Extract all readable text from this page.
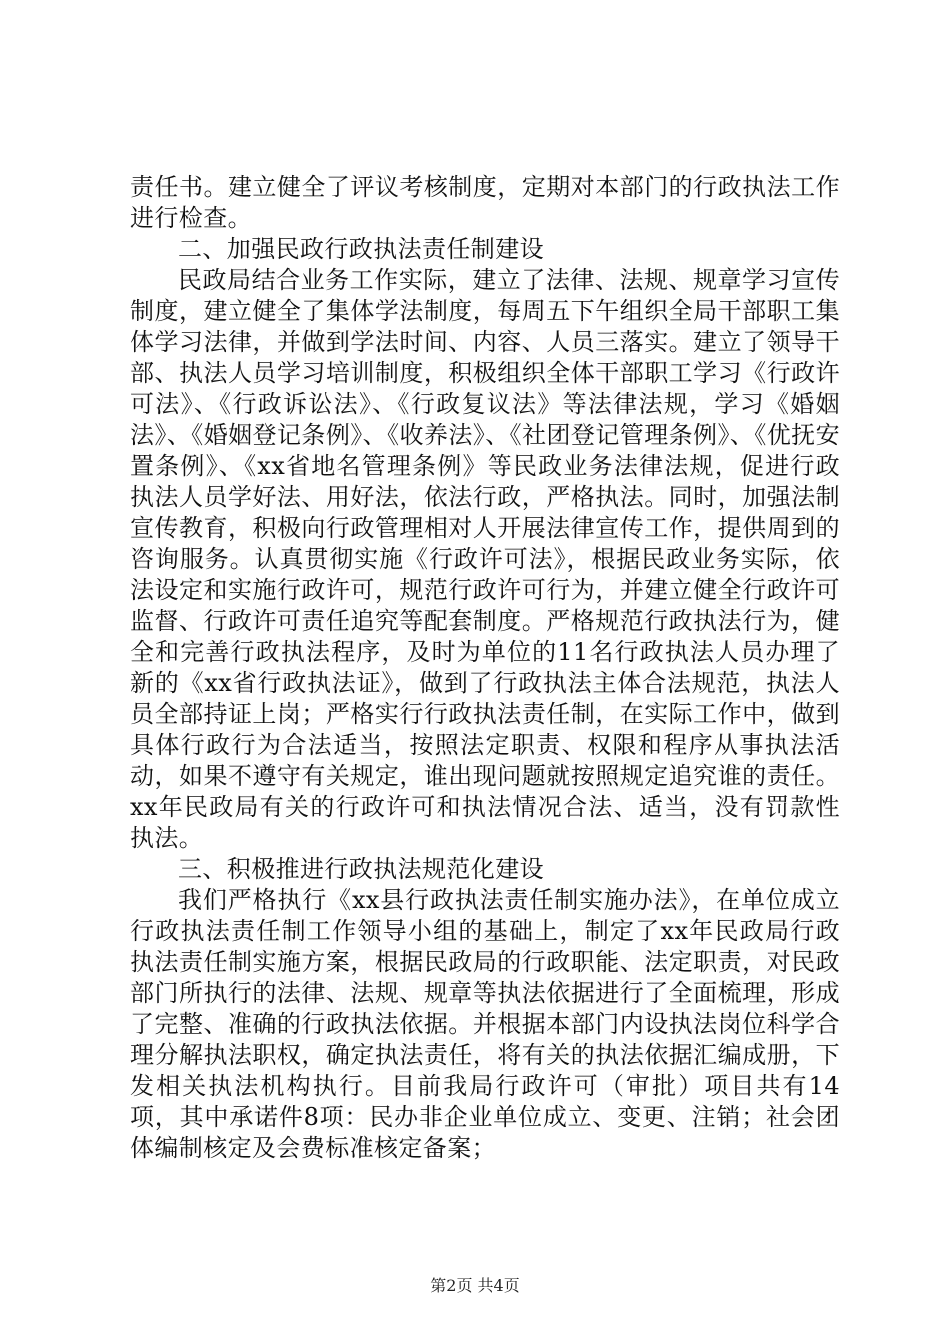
责任书。建立健全了评议考核制度，定期对本部门的行政执法工作进行检查。

二、加强民政行政执法责任制建设

民政局结合业务工作实际，建立了法律、法规、规章学习宣传制度，建立健全了集体学法制度，每周五下午组织全局干部职工集体学习法律，并做到学法时间、内容、人员三落实。建立了领导干部、执法人员学习培训制度，积极组织全体干部职工学习《行政许可法》、《行政诉讼法》、《行政复议法》等法律法规，学习《婚姻法》、《婚姻登记条例》、《收养法》、《社团登记管理条例》、《优抚安置条例》、《xx省地名管理条例》等民政业务法律法规，促进行政执法人员学好法、用好法，依法行政，严格执法。同时，加强法制宣传教育，积极向行政管理相对人开展法律宣传工作，提供周到的咨询服务。认真贯彻实施《行政许可法》，根据民政业务实际，依法设定和实施行政许可，规范行政许可行为，并建立健全行政许可监督、行政许可责任追究等配套制度。严格规范行政执法行为，健全和完善行政执法程序，及时为单位的11名行政执法人员办理了新的《xx省行政执法证》，做到了行政执法主体合法规范，执法人员全部持证上岗；严格实行行政执法责任制，在实际工作中，做到具体行政行为合法适当，按照法定职责、权限和程序从事执法活动，如果不遵守有关规定，谁出现问题就按照规定追究谁的责任。xx年民政局有关的行政许可和执法情况合法、适当，没有罚款性执法。

三、积极推进行政执法规范化建设

我们严格执行《xx县行政执法责任制实施办法》，在单位成立行政执法责任制工作领导小组的基础上，制定了xx年民政局行政执法责任制实施方案，根据民政局的行政职能、法定职责，对民政部门所执行的法律、法规、规章等执法依据进行了全面梳理，形成了完整、准确的行政执法依据。并根据本部门内设执法岗位科学合理分解执法职权，确定执法责任，将有关的执法依据汇编成册，下发相关执法机构执行。目前我局行政许可（审批）项目共有14项，其中承诺件8项：民办非企业单位成立、变更、注销；社会团体编制核定及会费标准核定备案；

第2页 共4页
